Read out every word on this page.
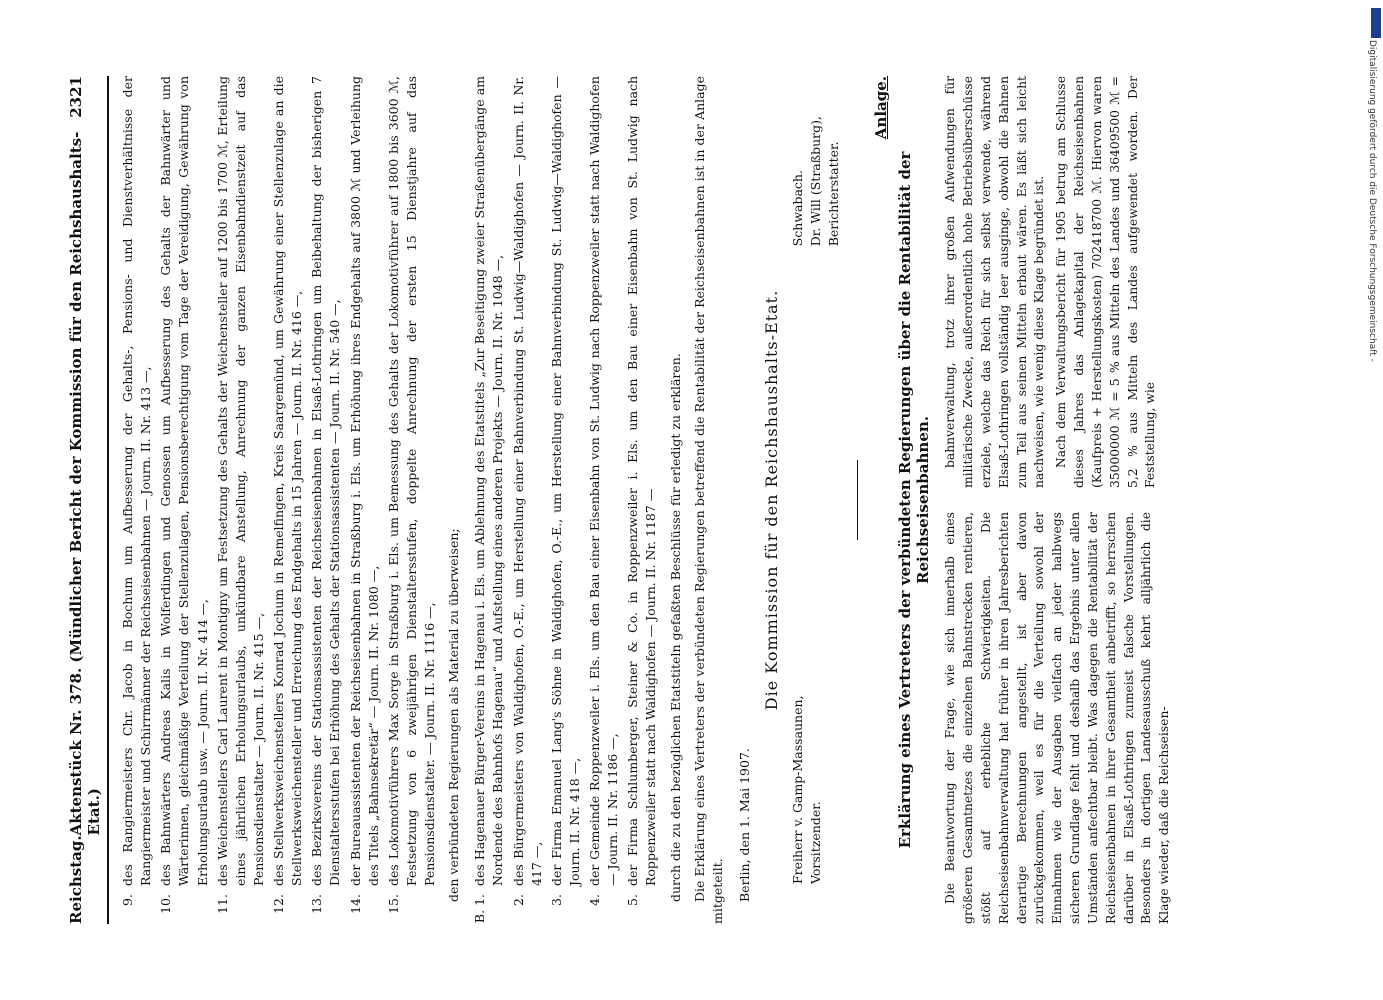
Digitalisierung gefördert durch die Deutsche Forschungsgemeinschaft -
Reichstag.
Aktenstück Nr. 378. (Mündlicher Bericht der Kommission für den Reichshaushalts-Etat.)
2321
9.
des Rangiermeisters Chr. Jacob in Bochum um Aufbesserung der Gehalts-, Pensions- und Dienstverhältnisse der Rangiermeister und Schirrmänner der Reichseisenbahnen — Journ. II. Nr. 413 —,
10.
des Bahnwärters Andreas Kalis in Wolferdingen und Genossen um Aufbesserung des Gehalts der Bahnwärter und Wärterinnen, gleichmäßige Verteilung der Stellenzulagen, Pensionsberechtigung vom Tage der Vereidigung, Gewährung von Erholungsurlaub usw. — Journ. II. Nr. 414 —,
11.
des Weichenstellers Carl Laurent in Montigny um Festsetzung des Gehalts der Weichensteller auf 1200 bis 1700 ℳ, Erteilung eines jährlichen Erholungsurlaubs, unkündbare Anstellung, Anrechnung der ganzen Eisenbahndienstzeit auf das Pensionsdienstalter — Journ. II. Nr. 415 —,
12.
des Stellwerksweichenstellers Konrad Jochum in Remelfingen, Kreis Saargemünd, um Gewährung einer Stellenzulage an die Stellwerksweichensteller und Erreichung des Endgehalts in 15 Jahren — Journ. II. Nr. 416 —,
13.
des Bezirksvereins der Stationsassistenten der Reichseisenbahnen in Elsaß-Lothringen um Beibehaltung der bisherigen 7 Dienstaltersstufen bei Erhöhung des Gehalts der Stationsassistenten — Journ. II. Nr. 540 —,
14.
der Bureauassistenten der Reichseisenbahnen in Straßburg i. Els. um Erhöhung ihres Endgehalts auf 3800 ℳ und Verleihung des Titels „Bahnsekretär“ — Journ. II. Nr. 1080 —,
15.
des Lokomotivführers Max Sorge in Straßburg i. Els. um Bemessung des Gehalts der Lokomotivführer auf 1800 bis 3600 ℳ, Festsetzung von 6 zweijährigen Dienstaltersstufen, doppelte Anrechnung der ersten 15 Dienstjahre auf das Pensionsdienstalter. — Journ. II. Nr. 1116 —, den verbündeten Regierungen als Material zu überweisen;
B. 1.
des Hagenauer Bürger-Vereins in Hagenau i. Els. um Ablehnung des Etatstitels „Zur Beseitigung zweier Straßenübergänge am Nordende des Bahnhofs Hagenau“ und Aufstellung eines anderen Projekts — Journ. II. Nr. 1048 —,
2.
des Bürgermeisters von Waldighofen, O.-E., um Herstellung einer Bahnverbindung St. Ludwig—Waldighofen — Journ. II. Nr. 417 —,
3.
der Firma Emanuel Lang's Söhne in Waldighofen, O.-E., um Herstellung einer Bahnverbindung St. Ludwig—Waldighofen — Journ. II. Nr. 418 —,
4.
der Gemeinde Roppenzweiler i. Els. um den Bau einer Eisenbahn von St. Ludwig nach Roppenzweiler statt nach Waldighofen — Journ. II. Nr. 1186 —,
5.
der Firma Schlumberger, Steiner & Co. in Roppenzweiler i. Els. um den Bau einer Eisenbahn von St. Ludwig nach Roppenzweiler statt nach Waldighofen — Journ. II. Nr. 1187 — durch die zu den bezüglichen Etatstiteln gefaßten Beschlüsse für erledigt zu erklären. Die Erklärung eines Vertreters der verbündeten Regierungen betreffend die Rentabilität der Reichseisenbahnen ist in der Anlage mitgeteilt. Berlin, den 1. Mai 1907.
Die Kommission für den Reichshaushalts-Etat.
Freiherr v. Gamp-Massaunen, Vorsitzender.
Schwabach. Dr. Will (Straßburg), Berichterstatter.
Anlage.
Erklärung eines Vertreters der verbündeten Regierungen über die Rentabilität der Reichseisenbahnen.

Die Beantwortung der Frage, wie sich innerhalb eines größeren Gesamtnetzes die einzelnen Bahnstrecken rentieren, stößt auf erhebliche Schwierigkeiten. Die Reichseisenbahnverwaltung hat früher in ihren Jahresberichten derartige Berechnungen angestellt, ist aber davon zurückgekommen, weil es für die Verteilung sowohl der Einnahmen wie der Ausgaben vielfach an jeder halbwegs sicheren Grundlage fehlt und deshalb das Ergebnis unter allen Umständen anfechtbar bleibt. Was dagegen die Rentabilität der Reichseisenbahnen in ihrer Gesamtheit anbetrifft, so herrschen darüber in Elsaß-Lothringen zumeist falsche Vorstellungen. Besonders in dortigen Landesausschuß kehrt alljährlich die Klage wieder, daß die Reichseisen-

bahnverwaltung, trotz ihrer großen Aufwendungen für militärische Zwecke, außerordentlich hohe Betriebsüberschüsse erziele, welche das Reich für sich selbst verwende, während Elsaß-Lothringen vollständig leer ausginge, obwohl die Bahnen zum Teil aus seinen Mitteln erbaut wären. Es läßt sich leicht nachweisen, wie wenig diese Klage begründet ist. Nach dem Verwaltungsbericht für 1905 betrug am Schlusse dieses Jahres das Anlagekapital der Reichseisenbahnen (Kaufpreis + Herstellungskosten) 702418700 ℳ. Hiervon waren 35000000 ℳ = 5 % aus Mitteln des Landes und 36409500 ℳ = 5,2 % aus Mitteln des Landes aufgewendet worden. Der Feststellung, wie
